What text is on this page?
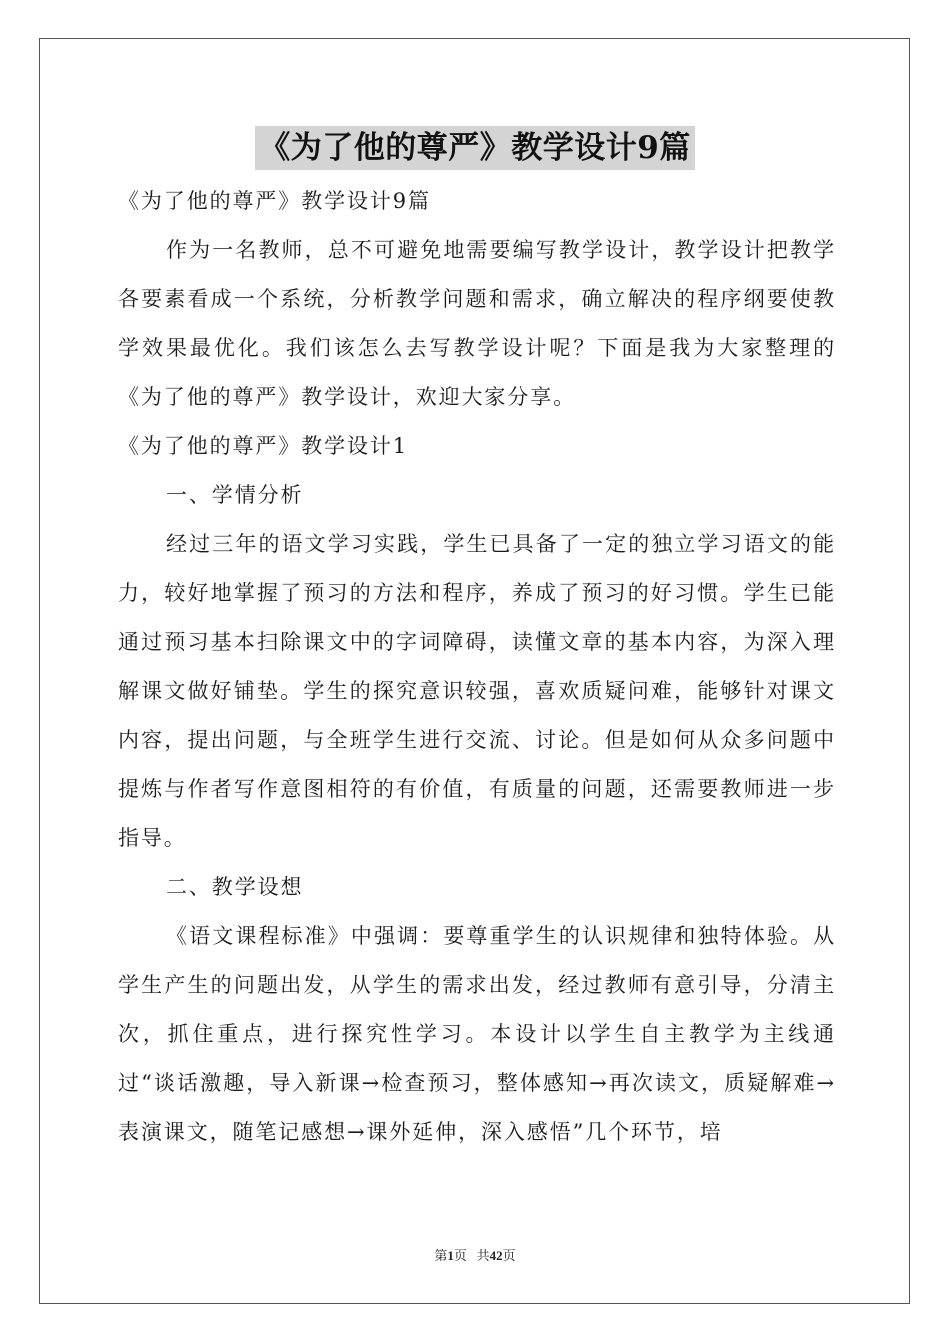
《为了他的尊严》教学设计9篇

《为了他的尊严》教学设计9篇

作为一名教师，总不可避免地需要编写教学设计，教学设计把教学各要素看成一个系统，分析教学问题和需求，确立解决的程序纲要使教学效果最优化。我们该怎么去写教学设计呢？下面是我为大家整理的《为了他的尊严》教学设计，欢迎大家分享。

《为了他的尊严》教学设计1

一、学情分析

经过三年的语文学习实践，学生已具备了一定的独立学习语文的能力，较好地掌握了预习的方法和程序，养成了预习的好习惯。学生已能通过预习基本扫除课文中的字词障碍，读懂文章的基本内容，为深入理解课文做好铺垫。学生的探究意识较强，喜欢质疑问难，能够针对课文内容，提出问题，与全班学生进行交流、讨论。但是如何从众多问题中提炼与作者写作意图相符的有价值，有质量的问题，还需要教师进一步指导。

二、教学设想

《语文课程标准》中强调：要尊重学生的认识规律和独特体验。从学生产生的问题出发，从学生的需求出发，经过教师有意引导，分清主次，抓住重点，进行探究性学习。本设计以学生自主教学为主线通过“谈话激趣，导入新课→检查预习，整体感知→再次读文，质疑解难→表演课文，随笔记感想→课外延伸，深入感悟”几个环节，培

第1页 共42页
